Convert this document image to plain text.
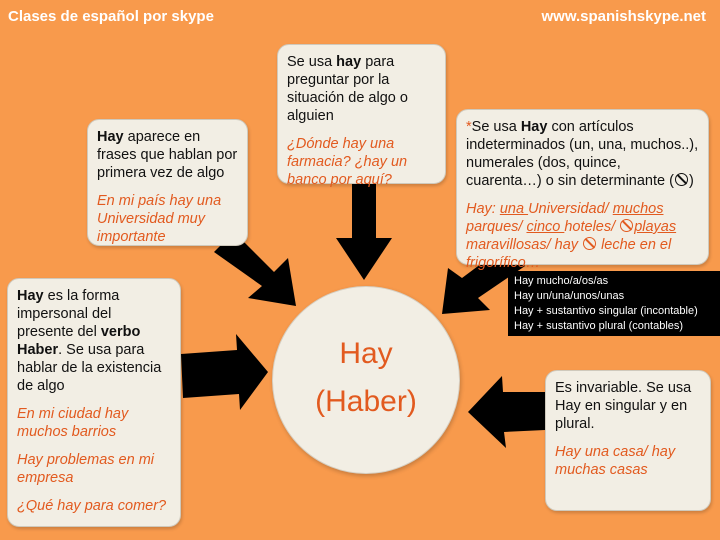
Clases de español por skype	www.spanishskype.net

Se usa hay para preguntar por la situación de algo o alguien

¿Dónde hay una farmacia? ¿hay un banco por aquí?

Hay aparece en frases que hablan por primera vez de algo

En mi país hay una Universidad muy importante

*Se usa Hay con artículos indeterminados (un, una, muchos..), numerales (dos, quince, cuarenta…) o sin determinante ( )

Hay: una Universidad/ muchos parques/ cinco hoteles/ playas maravillosas/ hay  leche en el frigorífico…

Hay es la forma impersonal del presente del verbo Haber. Se usa para hablar de la existencia de algo

En mi ciudad hay muchos barrios

Hay problemas en mi empresa

¿Qué hay para comer?

Es invariable. Se usa Hay en singular y en plural.

Hay una casa/ hay muchas casas

Hay mucho/a/os/as
Hay un/una/unos/unas
Hay + sustantivo singular (incontable)
Hay + sustantivo plural (contables)
Hay
(Haber)
